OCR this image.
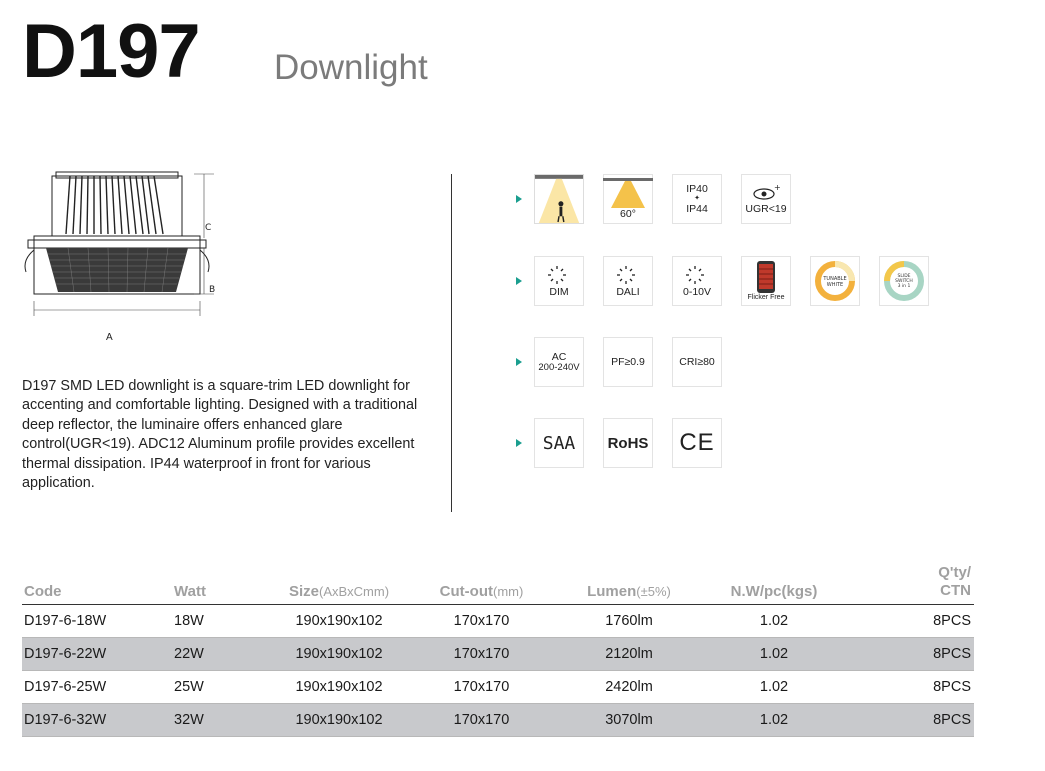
D197 Downlight
C
B
A
D197 SMD LED downlight is a square-trim LED downlight for accenting and comfortable lighting. Designed with a traditional deep reflector, the luminaire offers enhanced glare control(UGR<19). ADC12 Aluminum profile provides excellent thermal dissipation. IP44 waterproof in front for various application.
60°
IP40
✦
IP44
+
UGR<19
DIM	DALI	0-10V	Flicker Free
TUNABLE
WHITE
SLIDE
SWITCH
3 in 1
AC
200-240V	PF≥0.9	CRI≥80
SAA RoHS CE
Code	Watt	Size(AxBxCmm)	Cut-out(mm)	Lumen(±5%)	N.W/pc(kgs)	Q'ty/
CTN
D197-6-18W	18W	190x190x102	170x170	1760lm	1.02	8PCS
D197-6-22W	22W	190x190x102	170x170	2120lm	1.02	8PCS
D197-6-25W	25W	190x190x102	170x170	2420lm	1.02	8PCS
D197-6-32W	32W	190x190x102	170x170	3070lm	1.02	8PCS
